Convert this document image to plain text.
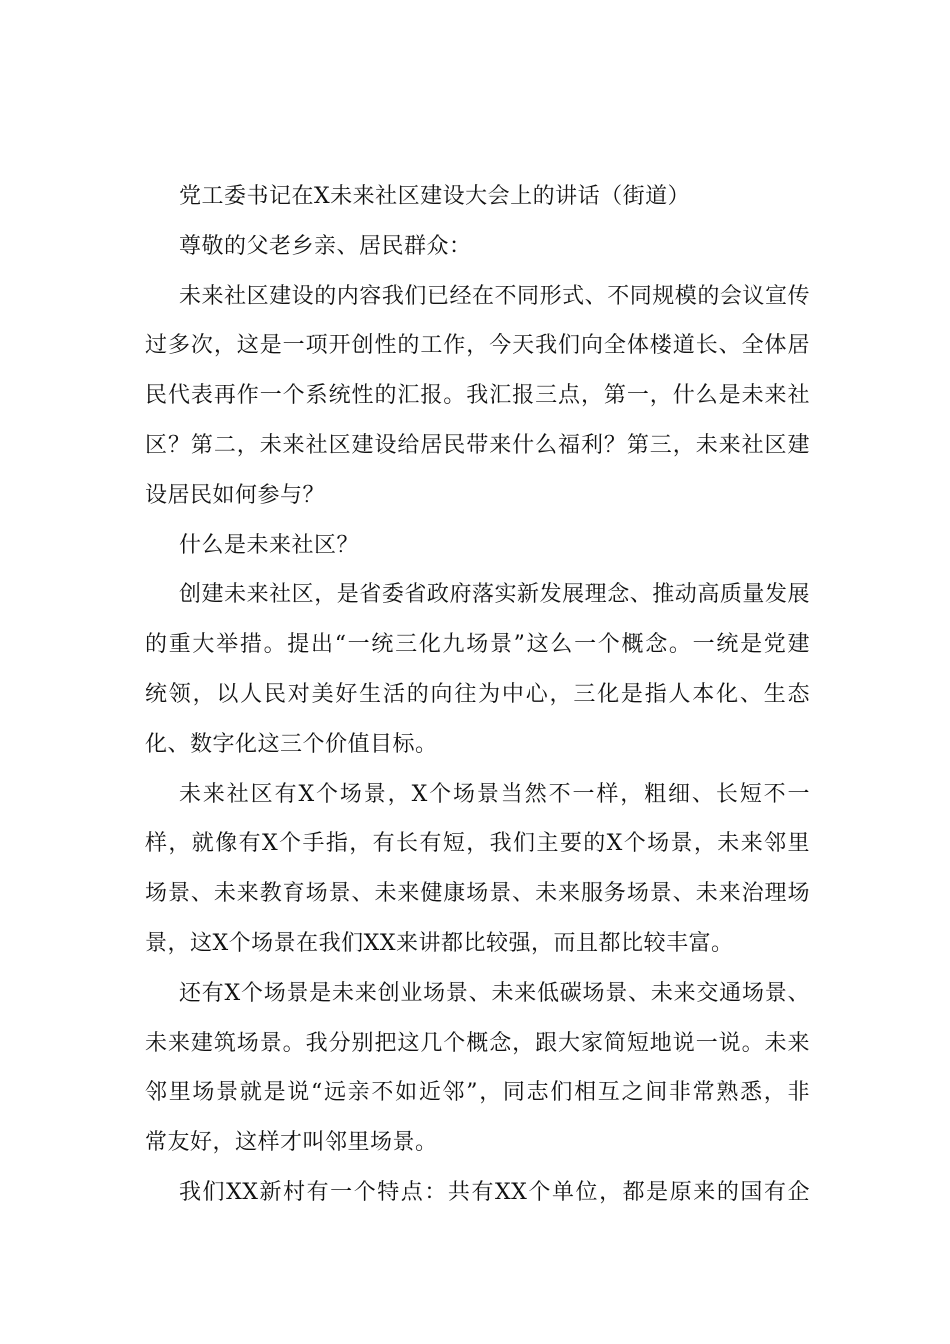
党工委书记在X未来社区建设大会上的讲话（街道）
尊敬的父老乡亲、居民群众：
未来社区建设的内容我们已经在不同形式、不同规模的会议宣传
过多次，这是一项开创性的工作，今天我们向全体楼道长、全体居
民代表再作一个系统性的汇报。我汇报三点，第一，什么是未来社
区？第二，未来社区建设给居民带来什么福利？第三，未来社区建
设居民如何参与？
什么是未来社区？
创建未来社区，是省委省政府落实新发展理念、推动高质量发展
的重大举措。提出“一统三化九场景”这么一个概念。一统是党建
统领，以人民对美好生活的向往为中心，三化是指人本化、生态
化、数字化这三个价值目标。
未来社区有X个场景，X个场景当然不一样，粗细、长短不一
样，就像有X个手指，有长有短，我们主要的X个场景，未来邻里
场景、未来教育场景、未来健康场景、未来服务场景、未来治理场
景，这X个场景在我们XX来讲都比较强，而且都比较丰富。
还有X个场景是未来创业场景、未来低碳场景、未来交通场景、
未来建筑场景。我分别把这几个概念，跟大家简短地说一说。未来
邻里场景就是说“远亲不如近邻”，同志们相互之间非常熟悉，非
常友好，这样才叫邻里场景。
我们XX新村有一个特点：共有XX个单位，都是原来的国有企
